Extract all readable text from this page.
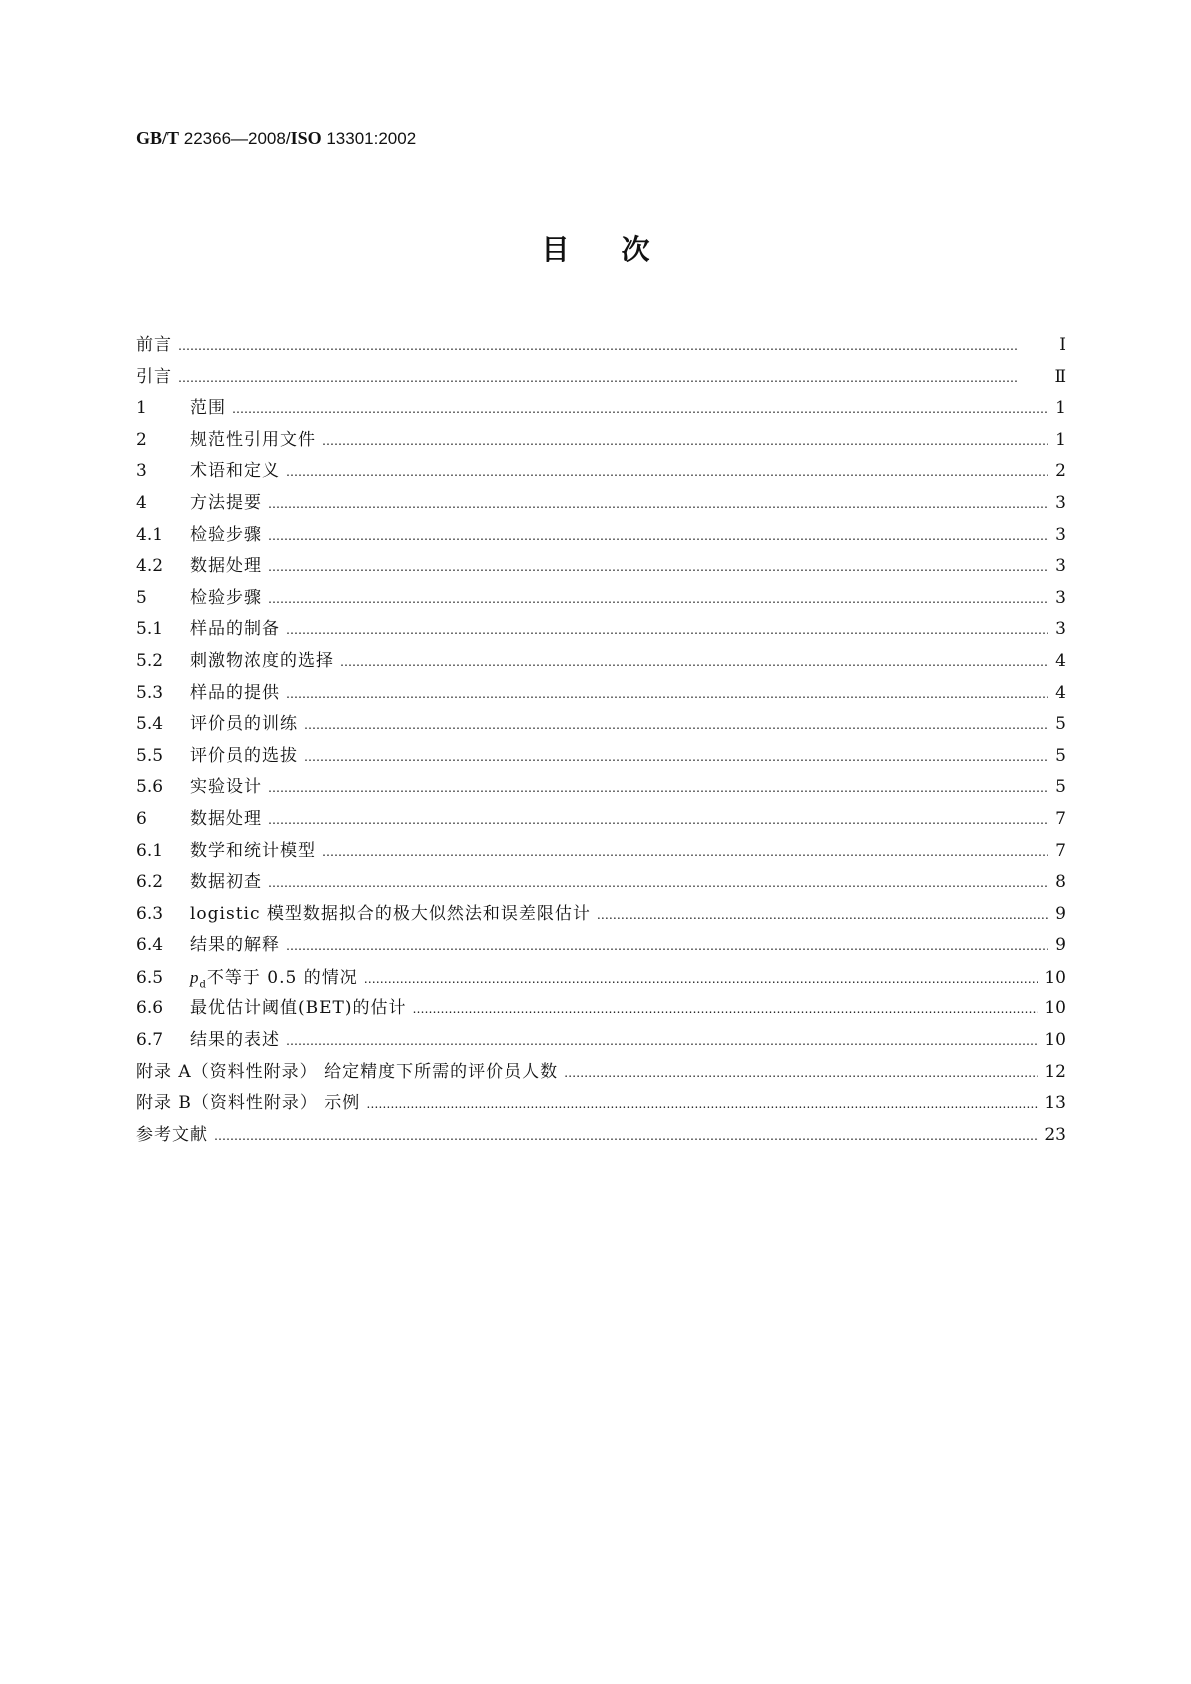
GB/T 22366—2008/ISO 13301:2002
目次
前言 …………………………………………………………………………………………………………………………………………………………………………………………	Ⅰ
引言 …………………………………………………………………………………………………………………………………………………………………………………………	Ⅱ
1	范围 …………………………………………………………………………………………………………………………………………………………………………………………	1
2	规范性引用文件 …………………………………………………………………………………………………………………………………………………………………………………………	1
3	术语和定义 …………………………………………………………………………………………………………………………………………………………………………………………	2
4	方法提要 …………………………………………………………………………………………………………………………………………………………………………………………	3
4.1	检验步骤 …………………………………………………………………………………………………………………………………………………………………………………………	3
4.2	数据处理 …………………………………………………………………………………………………………………………………………………………………………………………	3
5	检验步骤 …………………………………………………………………………………………………………………………………………………………………………………………	3
5.1	样品的制备 …………………………………………………………………………………………………………………………………………………………………………………………	3
5.2	刺激物浓度的选择 …………………………………………………………………………………………………………………………………………………………………………………………	4
5.3	样品的提供 …………………………………………………………………………………………………………………………………………………………………………………………	4
5.4	评价员的训练 …………………………………………………………………………………………………………………………………………………………………………………………	5
5.5	评价员的选拔 …………………………………………………………………………………………………………………………………………………………………………………………	5
5.6	实验设计 …………………………………………………………………………………………………………………………………………………………………………………………	5
6	数据处理 …………………………………………………………………………………………………………………………………………………………………………………………	7
6.1	数学和统计模型 …………………………………………………………………………………………………………………………………………………………………………………………	7
6.2	数据初查 …………………………………………………………………………………………………………………………………………………………………………………………	8
6.3	logistic 模型数据拟合的极大似然法和误差限估计 …………………………………………………………………………………………………………………………………………………………………………………………	9
6.4	结果的解释 …………………………………………………………………………………………………………………………………………………………………………………………	9
6.5	$p_d$不等于 0.5 的情况 …………………………………………………………………………………………………………………………………………………………………………………………	10
6.6	最优估计阈值(BET)的估计 …………………………………………………………………………………………………………………………………………………………………………………………	10
6.7	结果的表述 …………………………………………………………………………………………………………………………………………………………………………………………	10
附录 A（资料性附录） 给定精度下所需的评价员人数 …………………………………………………………………………………………………………………………………………………………………………………………	12
附录 B（资料性附录） 示例 …………………………………………………………………………………………………………………………………………………………………………………………	13
参考文献 …………………………………………………………………………………………………………………………………………………………………………………………	23
